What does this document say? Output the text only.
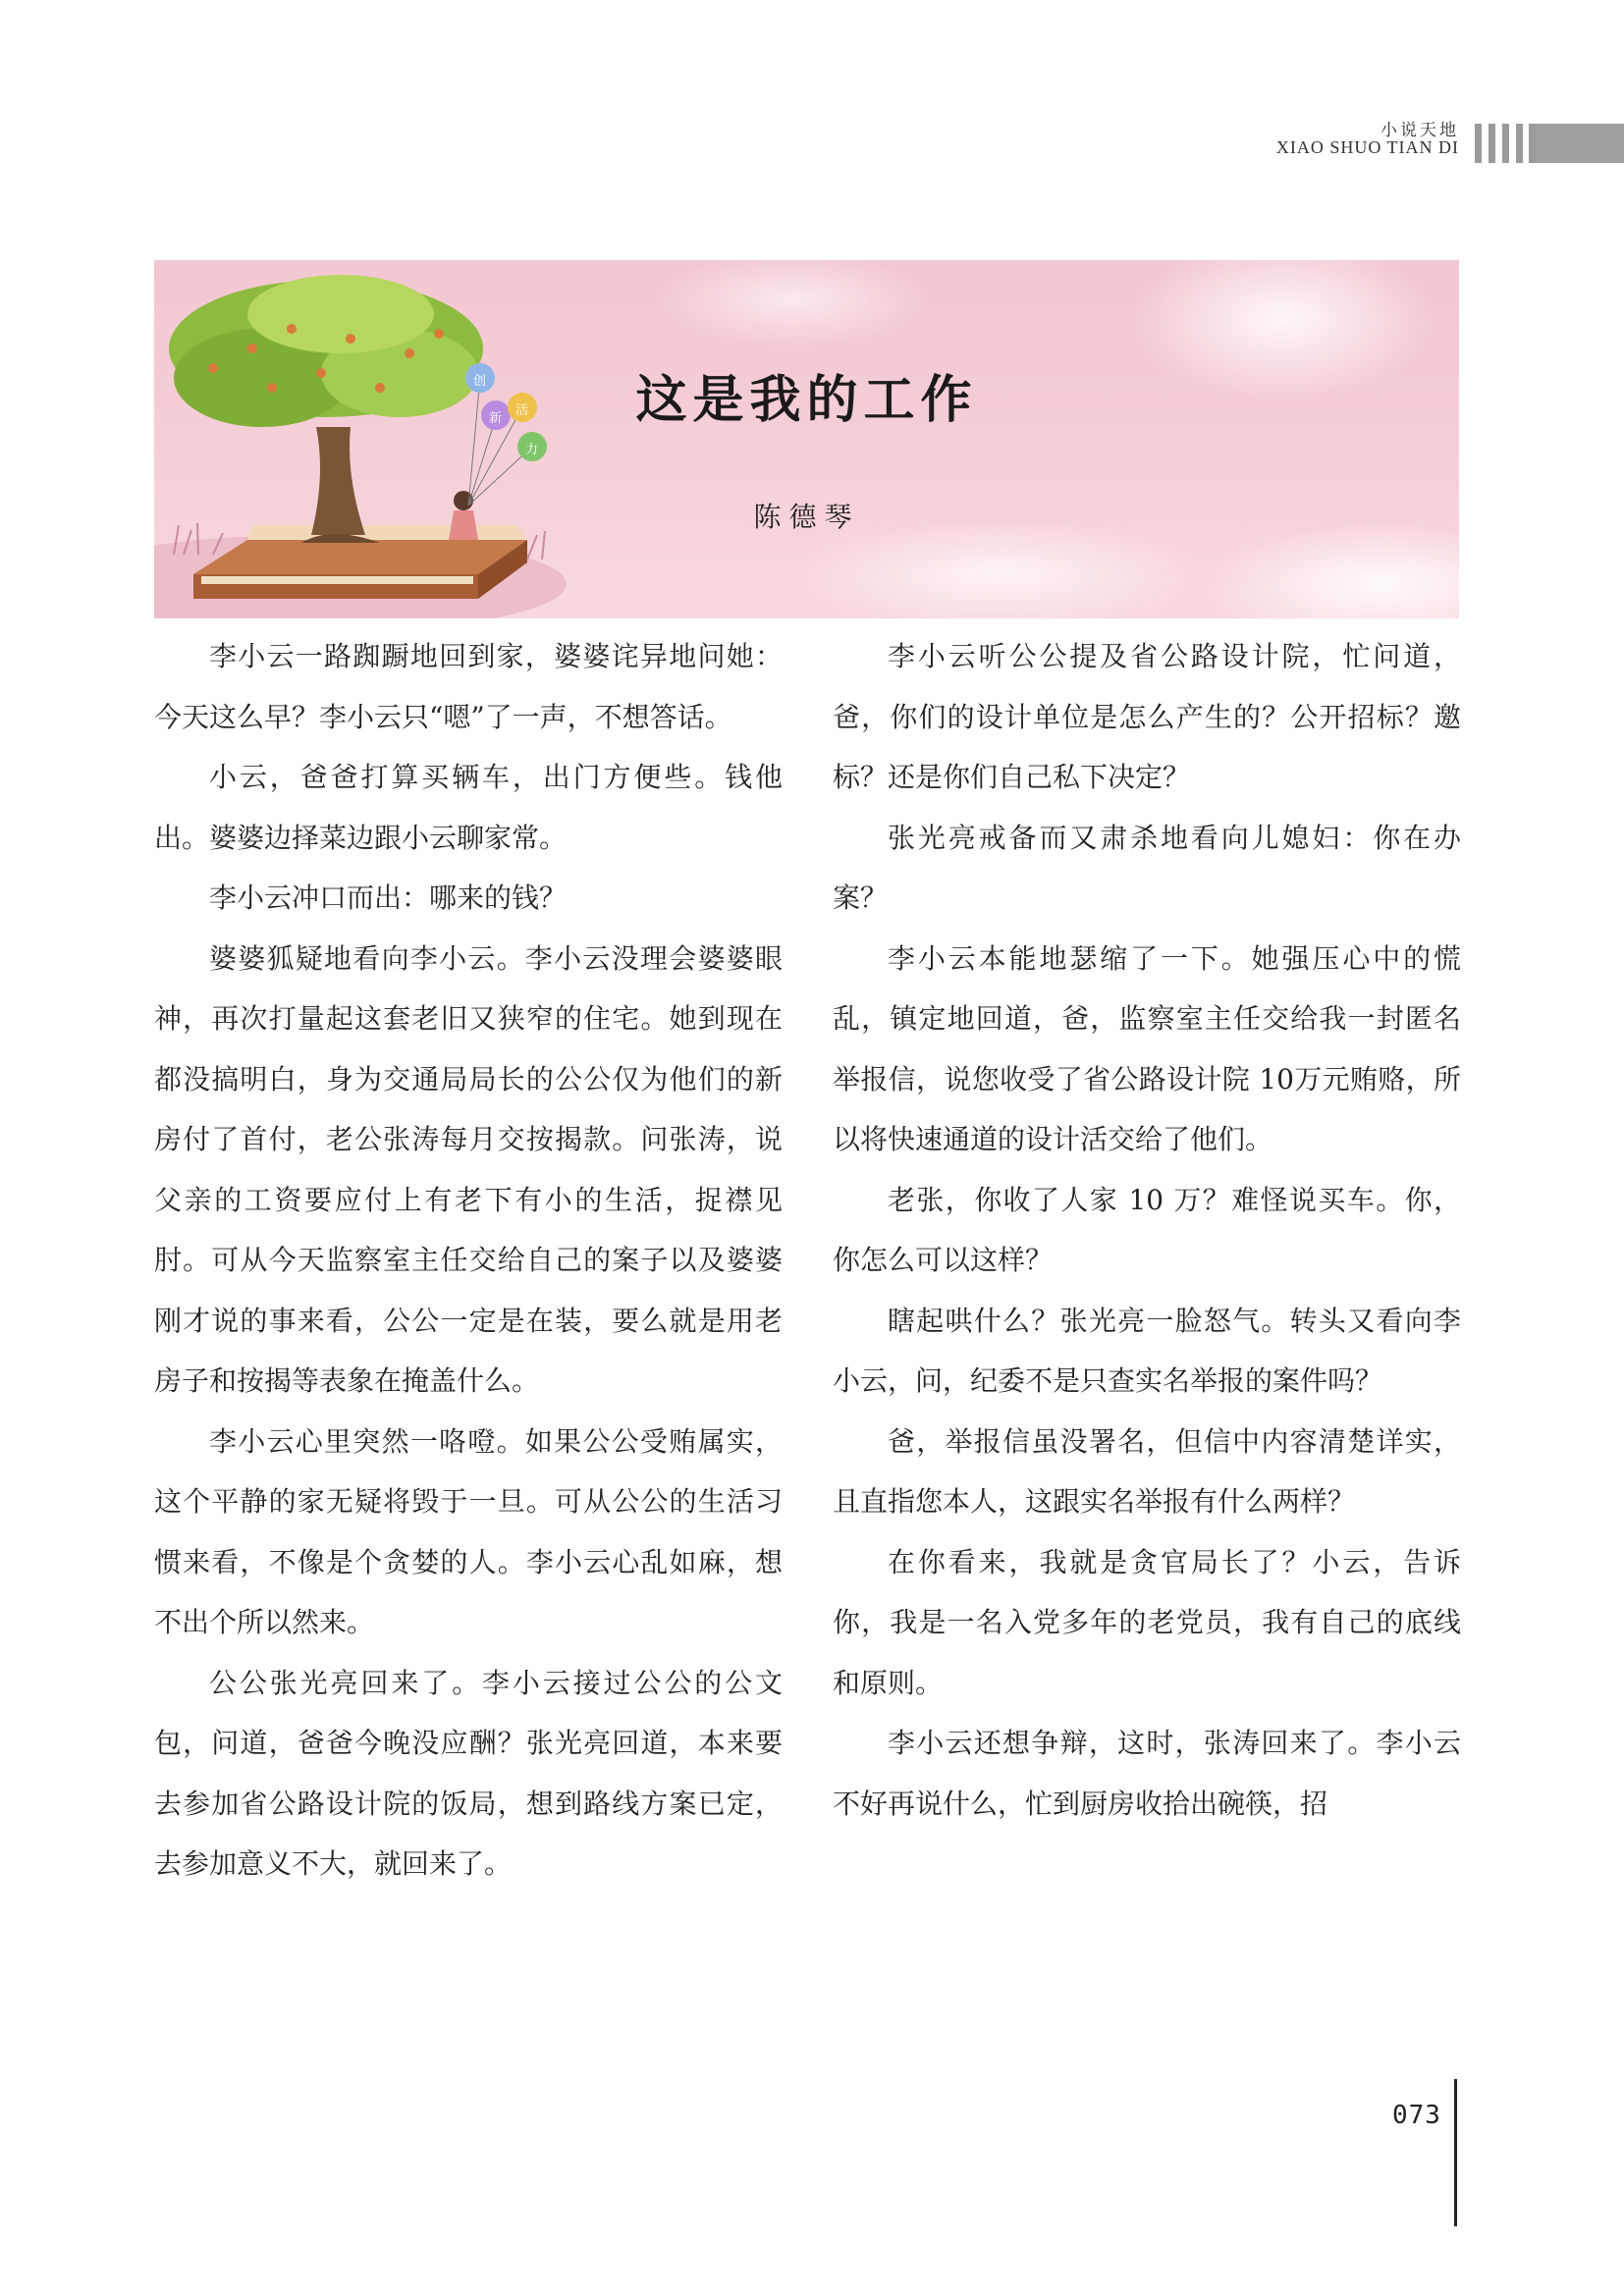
小说天地
XIAO SHUO TIAN DI
创
新
活
力
这是我的工作
陈德琴

李小云一路踟蹰地回到家，婆婆诧异地问她：今天这么早？李小云只“嗯”了一声，不想答话。

小云，爸爸打算买辆车，出门方便些。钱他出。婆婆边择菜边跟小云聊家常。

李小云冲口而出：哪来的钱？

婆婆狐疑地看向李小云。李小云没理会婆婆眼神，再次打量起这套老旧又狭窄的住宅。她到现在都没搞明白，身为交通局局长的公公仅为他们的新房付了首付，老公张涛每月交按揭款。问张涛，说父亲的工资要应付上有老下有小的生活，捉襟见肘。可从今天监察室主任交给自己的案子以及婆婆刚才说的事来看，公公一定是在装，要么就是用老房子和按揭等表象在掩盖什么。

李小云心里突然一咯噔。如果公公受贿属实，这个平静的家无疑将毁于一旦。可从公公的生活习惯来看，不像是个贪婪的人。李小云心乱如麻，想不出个所以然来。

公公张光亮回来了。李小云接过公公的公文包，问道，爸爸今晚没应酬？张光亮回道，本来要去参加省公路设计院的饭局，想到路线方案已定，去参加意义不大，就回来了。

李小云听公公提及省公路设计院，忙问道，爸，你们的设计单位是怎么产生的？公开招标？邀标？还是你们自己私下决定？

张光亮戒备而又肃杀地看向儿媳妇：你在办案？

李小云本能地瑟缩了一下。她强压心中的慌乱，镇定地回道，爸，监察室主任交给我一封匿名举报信，说您收受了省公路设计院 10万元贿赂，所以将快速通道的设计活交给了他们。

老张，你收了人家 10 万？难怪说买车。你，你怎么可以这样？

瞎起哄什么？张光亮一脸怒气。转头又看向李小云，问，纪委不是只查实名举报的案件吗？

爸，举报信虽没署名，但信中内容清楚详实，且直指您本人，这跟实名举报有什么两样？

在你看来，我就是贪官局长了？小云，告诉你，我是一名入党多年的老党员，我有自己的底线和原则。

李小云还想争辩，这时，张涛回来了。李小云不好再说什么，忙到厨房收拾出碗筷，招

073
